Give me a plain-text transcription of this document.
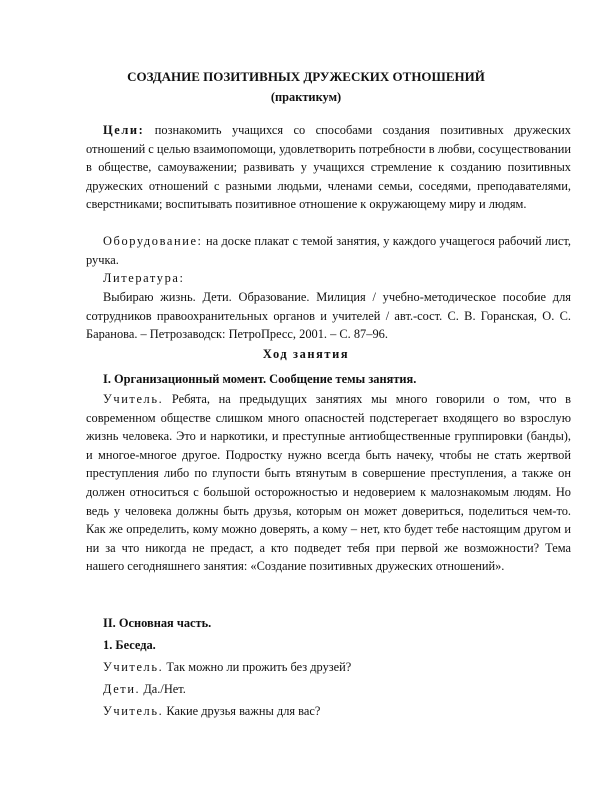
СОЗДАНИЕ ПОЗИТИВНЫХ ДРУЖЕСКИХ ОТНОШЕНИЙ

(практикум)

Цели: познакомить учащихся со способами создания позитивных дружеских отношений с целью взаимопомощи, удовлетворить потребности в любви, сосуществовании в обществе, самоуважении; развивать у учащихся стремление к созданию позитивных дружеских отношений с разными людьми, членами семьи, соседями, преподавателями, сверстниками; воспитывать позитивное отношение к окружающему миру и людям.

Оборудование: на доске плакат с темой занятия, у каждого учащегося рабочий лист, ручка.

Литература:

Выбираю жизнь. Дети. Образование. Милиция / учебно-методическое пособие для сотрудников правоохранительных органов и учителей / авт.-сост. С. В. Горанская, О. С. Баранова. – Петрозаводск: ПетроПресс, 2001. – С. 87–96.

Ход занятия

I. Организационный момент. Сообщение темы занятия.

Учитель. Ребята, на предыдущих занятиях мы много говорили о том, что в современном обществе слишком много опасностей подстерегает входящего во взрослую жизнь человека. Это и наркотики, и преступные антиобщественные группировки (банды), и многое-многое другое. Подростку нужно всегда быть начеку, чтобы не стать жертвой преступления либо по глупости быть втянутым в совершение преступления, а также он должен относиться с большой осторожностью и недоверием к малознакомым людям. Но ведь у человека должны быть друзья, которым он может довериться, поделиться чем-то. Как же определить, кому можно доверять, а кому – нет, кто будет тебе настоящим другом и ни за что никогда не предаст, а кто подведет тебя при первой же возможности? Тема нашего сегодняшнего занятия: «Создание позитивных дружеских отношений».

II. Основная часть.

1. Беседа.

Учитель. Так можно ли прожить без друзей?

Дети. Да./Нет.

Учитель. Какие друзья важны для вас?
